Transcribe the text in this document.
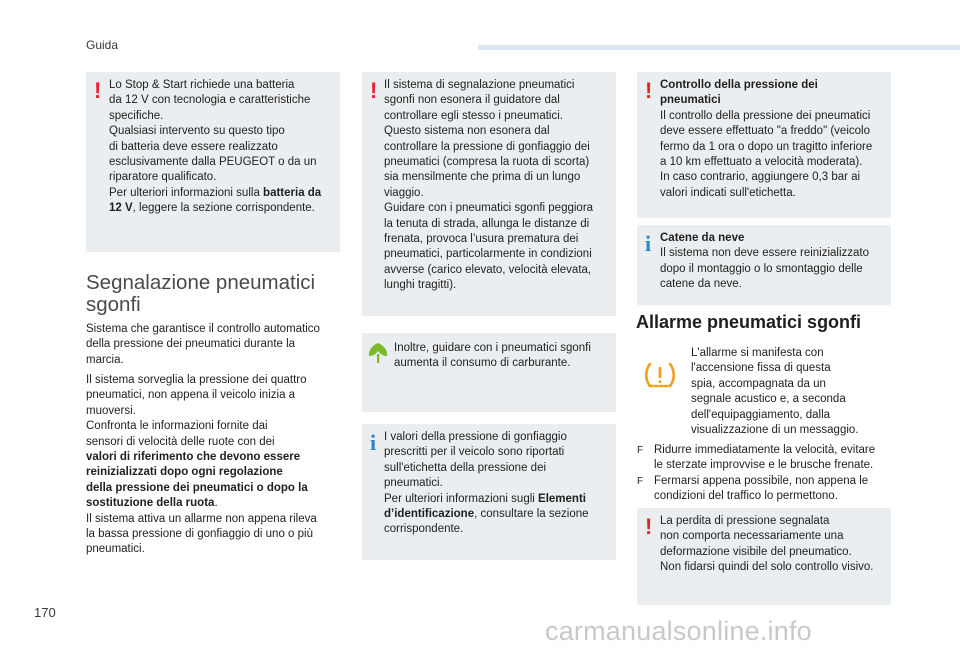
Guida
! Lo Stop & Start richiede una batteria

da 12 V con tecnologia e caratteristiche

specifiche.

Qualsiasi intervento su questo tipo

di batteria deve essere realizzato

esclusivamente dalla PEUGEOT o da un

riparatore qualificato.

Per ulteriori informazioni sulla batteria da

12 V, leggere la sezione corrispondente.

Segnalazione pneumatici
sgonfi

Sistema che garantisce il controllo automatico

della pressione dei pneumatici durante la

marcia.

Il sistema sorveglia la pressione dei quattro

pneumatici, non appena il veicolo inizia a

muoversi.

Confronta le informazioni fornite dai

sensori di velocità delle ruote con dei

valori di riferimento che devono essere

reinizializzati dopo ogni regolazione

della pressione dei pneumatici o dopo la

sostituzione della ruota.

Il sistema attiva un allarme non appena rileva

la bassa pressione di gonfiaggio di uno o più

pneumatici.

! Il sistema di segnalazione pneumatici

sgonfi non esonera il guidatore dal

controllare egli stesso i pneumatici.

Questo sistema non esonera dal

controllare la pressione di gonfiaggio dei

pneumatici (compresa la ruota di scorta)

sia mensilmente che prima di un lungo

viaggio.

Guidare con i pneumatici sgonfi peggiora

la tenuta di strada, allunga le distanze di

frenata, provoca l’usura prematura dei

pneumatici, particolarmente in condizioni

avverse (carico elevato, velocità elevata,

lunghi tragitti).

Inoltre, guidare con i pneumatici sgonfi

aumenta il consumo di carburante.

i I valori della pressione di gonfiaggio

prescritti per il veicolo sono riportati

sull'etichetta della pressione dei

pneumatici.

Per ulteriori informazioni sugli Elementi

d’identificazione, consultare la sezione

corrispondente.

! Controllo della pressione dei

pneumatici

Il controllo della pressione dei pneumatici

deve essere effettuato "a freddo" (veicolo

fermo da 1 ora o dopo un tragitto inferiore

a 10 km effettuato a velocità moderata).

In caso contrario, aggiungere 0,3 bar ai

valori indicati sull'etichetta.

i Catene da neve

Il sistema non deve essere reinizializzato

dopo il montaggio o lo smontaggio delle

catene da neve.

Allarme pneumatici sgonfi

L'allarme si manifesta con

l'accensione fissa di questa

spia, accompagnata da un

segnale acustico e, a seconda

dell'equipaggiamento, dalla

visualizzazione di un messaggio.

F Ridurre immediatamente la velocità, evitare

le sterzate improvvise e le brusche frenate.

F Fermarsi appena possibile, non appena le

condizioni del traffico lo permettono.

! La perdita di pressione segnalata

non comporta necessariamente una

deformazione visibile del pneumatico.

Non fidarsi quindi del solo controllo visivo.

170
carmanualsonline.info
